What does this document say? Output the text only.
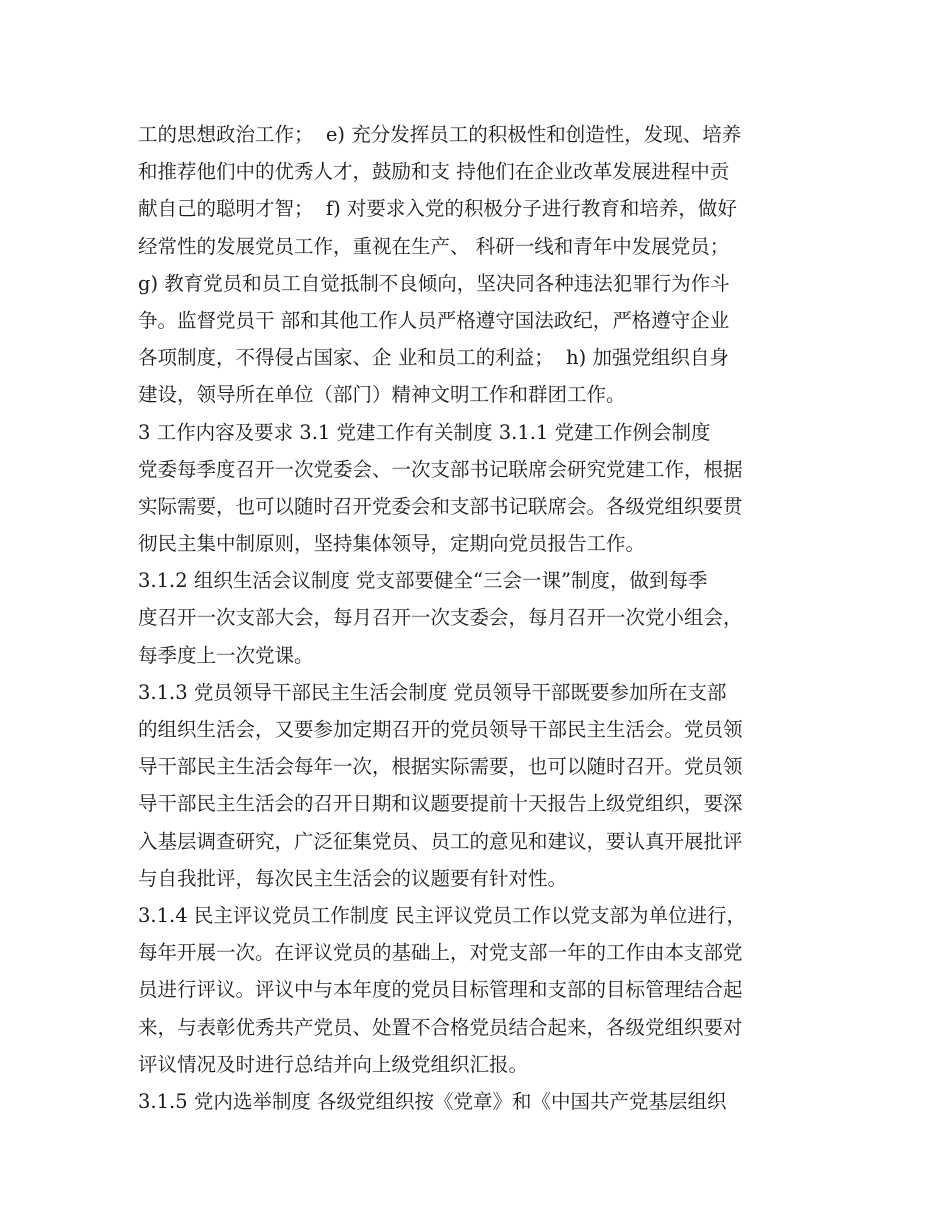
工的思想政治工作；  e) 充分发挥员工的积极性和创造性，发现、培养
和推荐他们中的优秀人才，鼓励和支 持他们在企业改革发展进程中贡
献自己的聪明才智；  f) 对要求入党的积极分子进行教育和培养，做好
经常性的发展党员工作，重视在生产、 科研一线和青年中发展党员；
g) 教育党员和员工自觉抵制不良倾向，坚决同各种违法犯罪行为作斗
争。监督党员干 部和其他工作人员严格遵守国法政纪，严格遵守企业
各项制度，不得侵占国家、企 业和员工的利益；  h) 加强党组织自身
建设，领导所在单位（部门）精神文明工作和群团工作。
3 工作内容及要求 3.1 党建工作有关制度 3.1.1 党建工作例会制度
党委每季度召开一次党委会、一次支部书记联席会研究党建工作，根据
实际需要，也可以随时召开党委会和支部书记联席会。各级党组织要贯
彻民主集中制原则，坚持集体领导，定期向党员报告工作。
3.1.2 组织生活会议制度 党支部要健全“三会一课”制度，做到每季
度召开一次支部大会，每月召开一次支委会，每月召开一次党小组会，
每季度上一次党课。
3.1.3 党员领导干部民主生活会制度 党员领导干部既要参加所在支部
的组织生活会，又要参加定期召开的党员领导干部民主生活会。党员领
导干部民主生活会每年一次，根据实际需要，也可以随时召开。党员领
导干部民主生活会的召开日期和议题要提前十天报告上级党组织，要深
入基层调查研究，广泛征集党员、员工的意见和建议，要认真开展批评
与自我批评，每次民主生活会的议题要有针对性。
3.1.4 民主评议党员工作制度 民主评议党员工作以党支部为单位进行，
每年开展一次。在评议党员的基础上，对党支部一年的工作由本支部党
员进行评议。评议中与本年度的党员目标管理和支部的目标管理结合起
来，与表彰优秀共产党员、处置不合格党员结合起来，各级党组织要对
评议情况及时进行总结并向上级党组织汇报。
3.1.5 党内选举制度 各级党组织按《党章》和《中国共产党基层组织
